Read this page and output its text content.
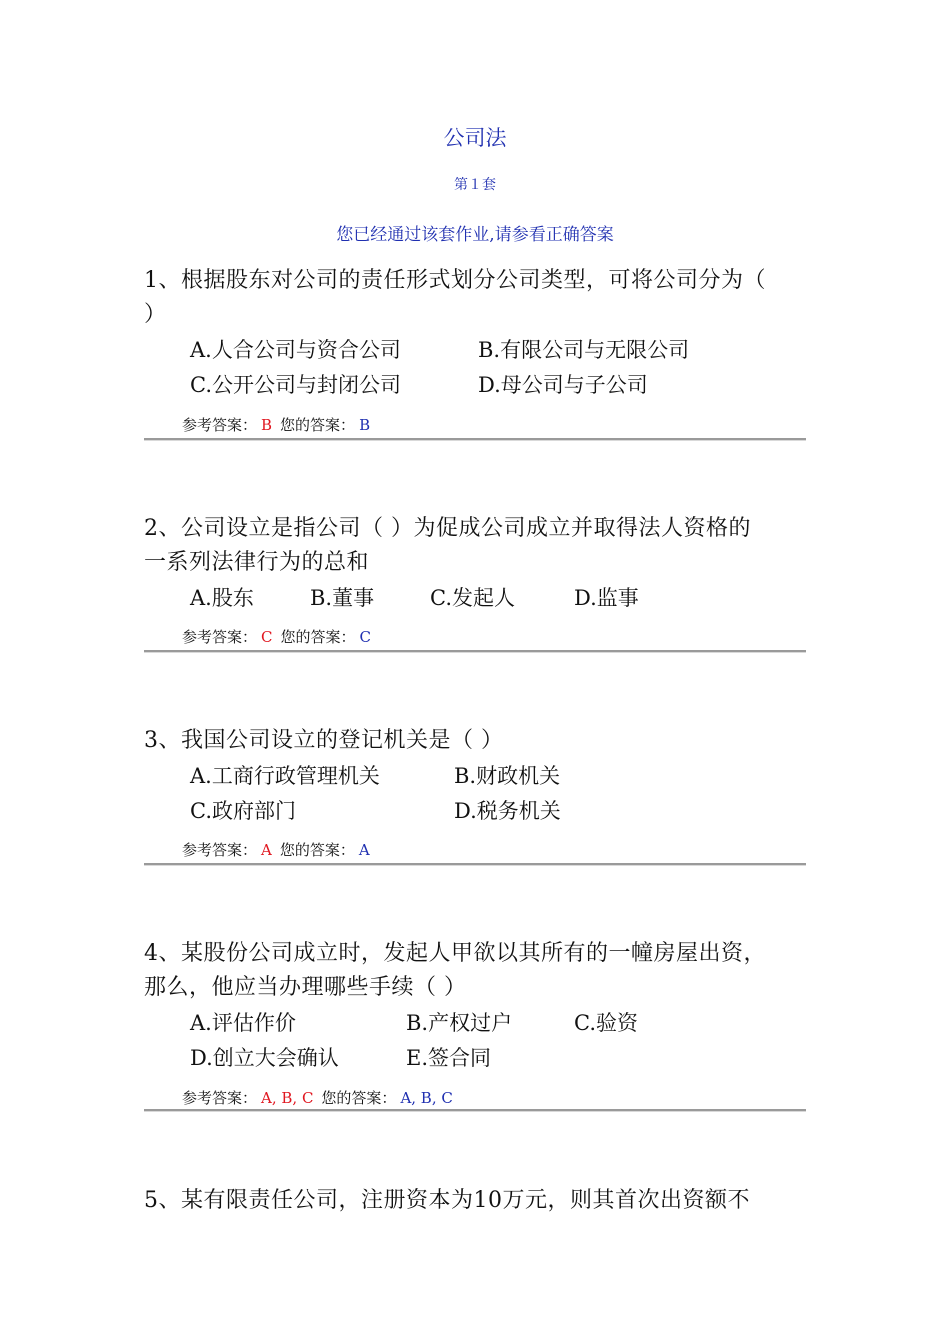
公司法
第１套
您已经通过该套作业,请参看正确答案
1、根据股东对公司的责任形式划分公司类型，可将公司分为（
）
A.人合公司与资合公司	B.有限公司与无限公司
C.公开公司与封闭公司	D.母公司与子公司
参考答案： B 您的答案： B
2、公司设立是指公司（ ）为促成公司成立并取得法人资格的
一系列法律行为的总和
A.股东	B.董事	C.发起人	D.监事
参考答案： C 您的答案： C
3、我国公司设立的登记机关是（ ）
A.工商行政管理机关	B.财政机关
C.政府部门	D.税务机关
参考答案： A 您的答案： A
4、某股份公司成立时，发起人甲欲以其所有的一幢房屋出资，
那么，他应当办理哪些手续（ ）
A.评估作价	B.产权过户	C.验资
D.创立大会确认	E.签合同
参考答案： A, B, C 您的答案： A, B, C
5、某有限责任公司，注册资本为10万元，则其首次出资额不
